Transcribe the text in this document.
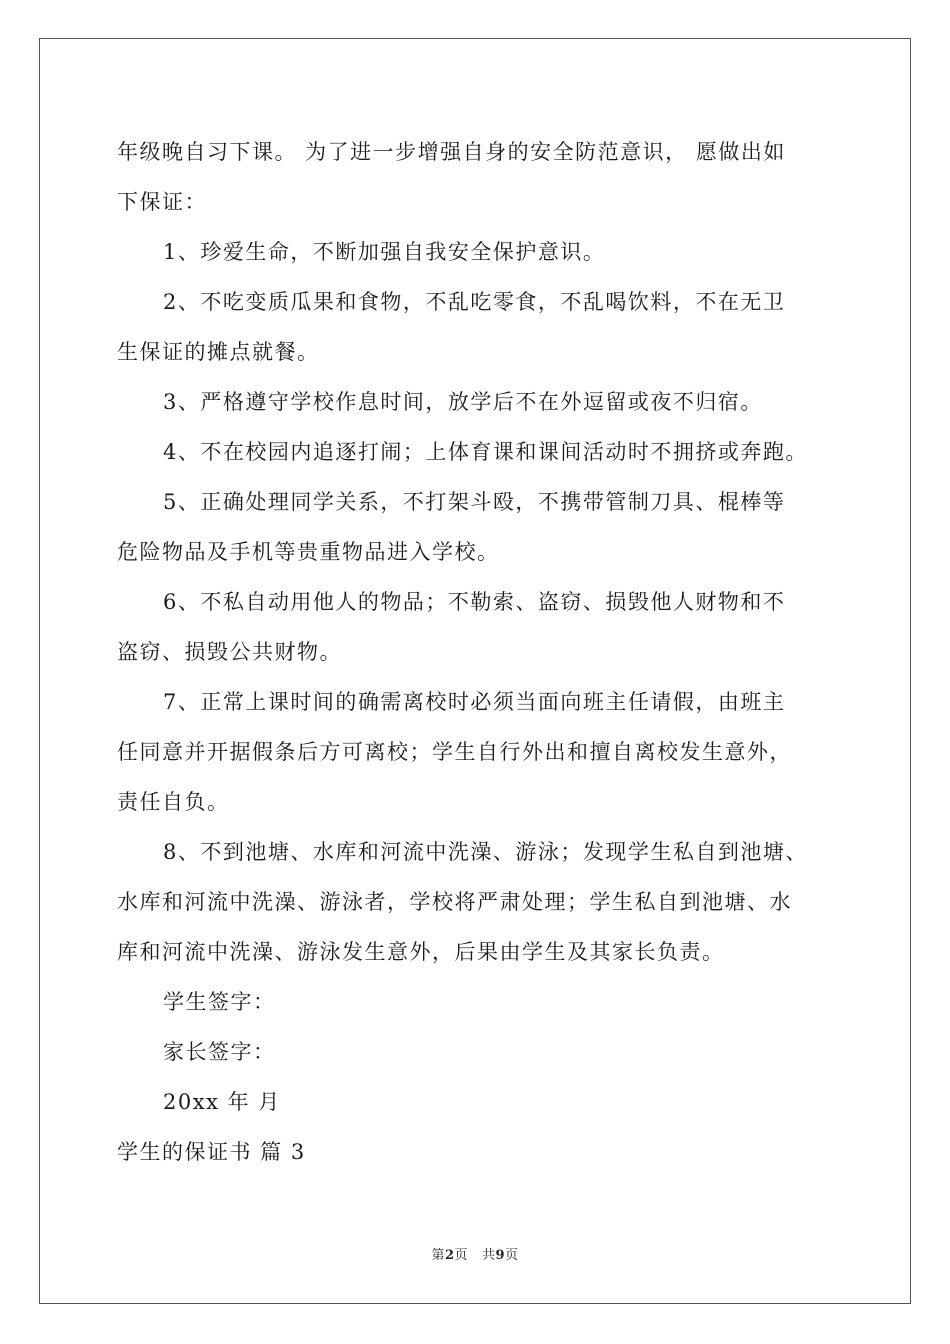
年级晚自习下课。 为了进一步增强自身的安全防范意识， 愿做出如
下保证：
1、珍爱生命，不断加强自我安全保护意识。
2、不吃变质瓜果和食物，不乱吃零食，不乱喝饮料，不在无卫
生保证的摊点就餐。
3、严格遵守学校作息时间，放学后不在外逗留或夜不归宿。
4、不在校园内追逐打闹；上体育课和课间活动时不拥挤或奔跑。
5、正确处理同学关系，不打架斗殴，不携带管制刀具、棍棒等
危险物品及手机等贵重物品进入学校。
6、不私自动用他人的物品；不勒索、盗窃、损毁他人财物和不
盗窃、损毁公共财物。
7、正常上课时间的确需离校时必须当面向班主任请假，由班主
任同意并开据假条后方可离校；学生自行外出和擅自离校发生意外，
责任自负。
8、不到池塘、水库和河流中洗澡、游泳；发现学生私自到池塘、
水库和河流中洗澡、游泳者，学校将严肃处理；学生私自到池塘、水
库和河流中洗澡、游泳发生意外，后果由学生及其家长负责。
学生签字：
家长签字：
20xx 年 月
学生的保证书 篇 3
第2页 共9页
